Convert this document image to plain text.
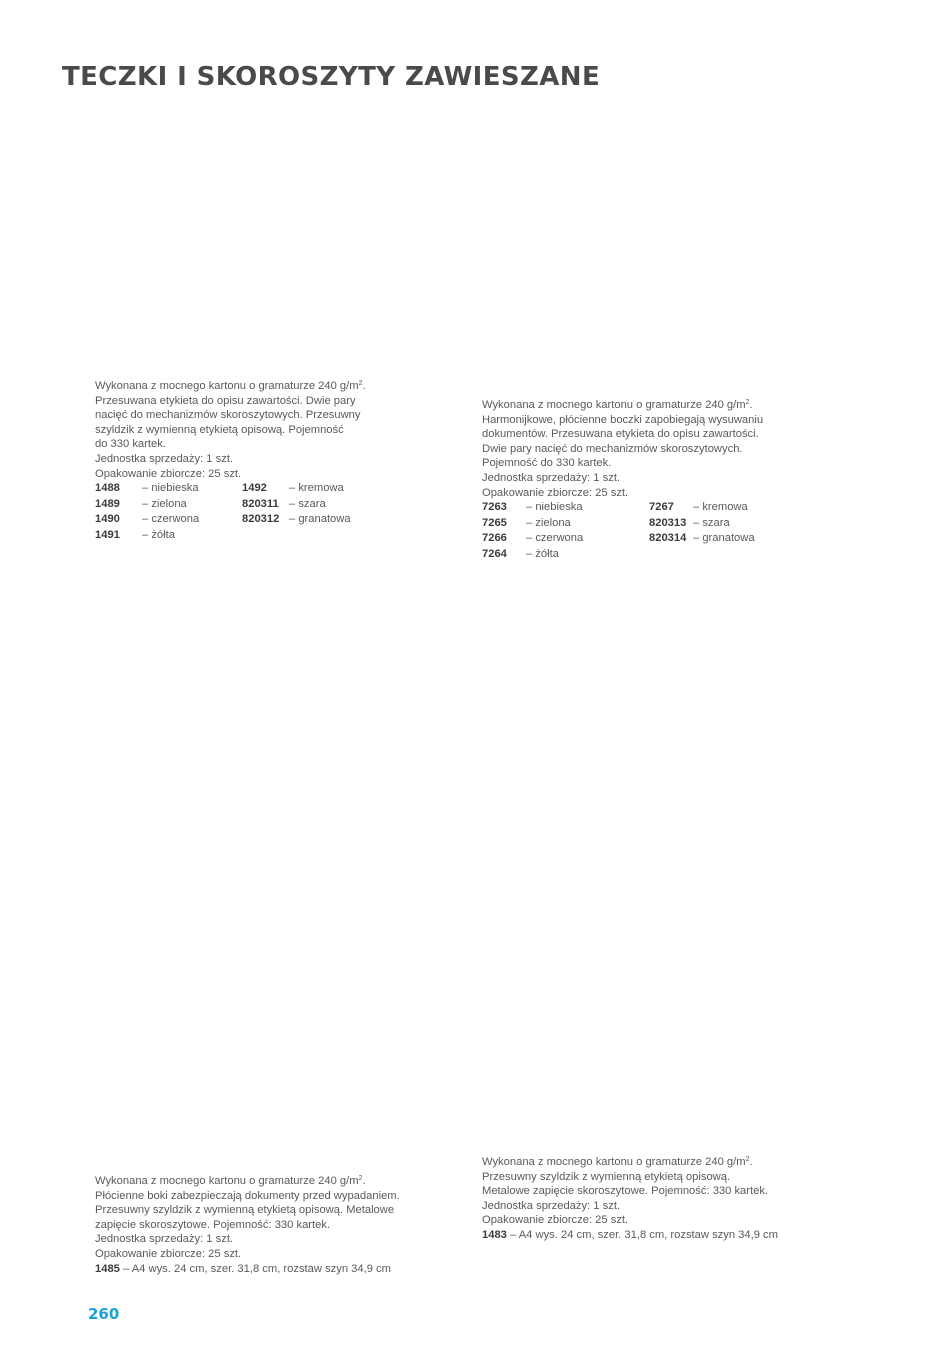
TECZKI I SKOROSZYTY ZAWIESZANE

Wykonana z mocnego kartonu o gramaturze 240 $g/m^2$.

Przesuwana etykieta do opisu zawartości. Dwie pary

nacięć do mechanizmów skoroszytowych. Przesuwny

szyldzik z wymienną etykietą opisową. Pojemność

do 330 kartek.

Jednostka sprzedaży: 1 szt.

Opakowanie zbiorcze: 25 szt.

1488	– niebieska	1492	– kremowa
1489	– zielona	820311 – szara
1490	– czerwona	820312 – granatowa
1491	– żółta

Wykonana z mocnego kartonu o gramaturze 240 $g/m^2$.

Harmonijkowe, płócienne boczki zapobiegają wysuwaniu

dokumentów. Przesuwana etykieta do opisu zawartości.

Dwie pary nacięć do mechanizmów skoroszytowych.

Pojemność do 330 kartek.

Jednostka sprzedaży: 1 szt.

Opakowanie zbiorcze: 25 szt.

7263	– niebieska	7267	– kremowa
7265	– zielona	820313 – szara
7266	– czerwona	820314 – granatowa
7264	– żółta

Wykonana z mocnego kartonu o gramaturze 240 $g/m^2$.

Płócienne boki zabezpieczają dokumenty przed wypadaniem.

Przesuwny szyldzik z wymienną etykietą opisową. Metalowe

zapięcie skoroszytowe. Pojemność: 330 kartek.

Jednostka sprzedaży: 1 szt.

Opakowanie zbiorcze: 25 szt.

1485 – A4 wys. 24 cm, szer. 31,8 cm, rozstaw szyn 34,9 cm

Wykonana z mocnego kartonu o gramaturze 240 $g/m^2$.

Przesuwny szyldzik z wymienną etykietą opisową.

Metalowe zapięcie skoroszytowe. Pojemność: 330 kartek.

Jednostka sprzedaży: 1 szt.

Opakowanie zbiorcze: 25 szt.

1483 – A4 wys. 24 cm, szer. 31,8 cm, rozstaw szyn 34,9 cm

260
